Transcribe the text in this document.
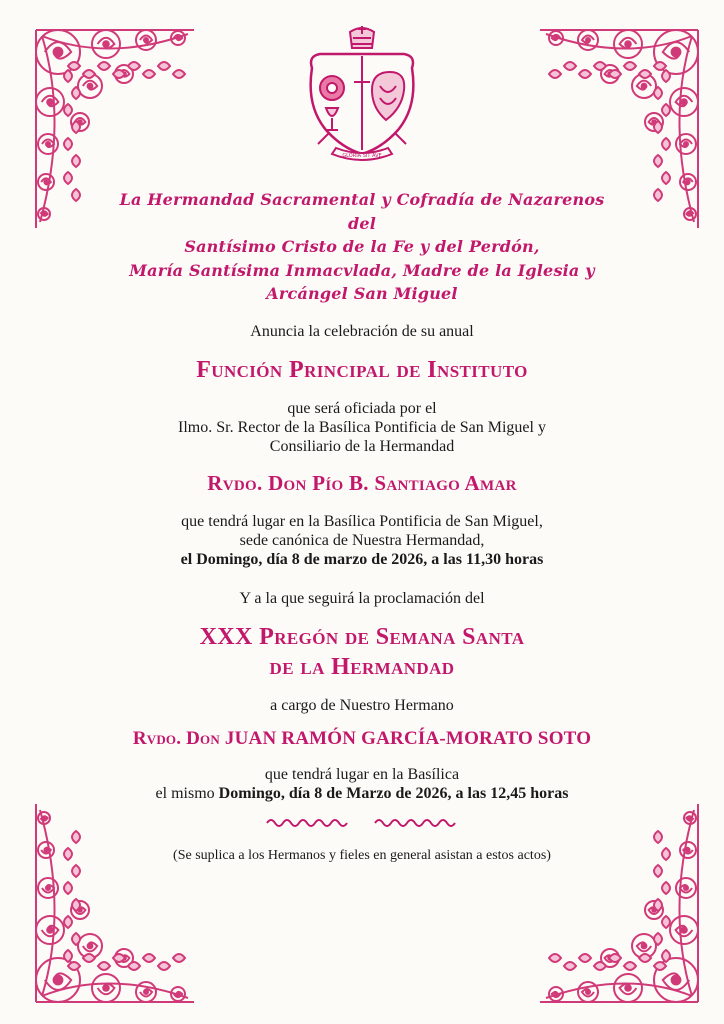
GLORIA SIT AVE
La Hermandad Sacramental y Cofradía de Nazarenos
del
Santísimo Cristo de la Fe y del Perdón,
María Santísima Inmacvlada, Madre de la Iglesia y
Arcángel San Miguel
Anuncia la celebración de su anual
Función Principal de Instituto
que será oficiada por el
Ilmo. Sr. Rector de la Basílica Pontificia de San Miguel y
Consiliario de la Hermandad
Rvdo. Don Pío B. Santiago Amar
que tendrá lugar en la Basílica Pontificia de San Miguel,
sede canónica de Nuestra Hermandad,
el Domingo, día 8 de marzo de 2026, a las 11,30 horas
Y a la que seguirá la proclamación del
XXX Pregón de Semana Santa
de la Hermandad
a cargo de Nuestro Hermano
Rvdo. Don JUAN RAMÓN GARCÍA-MORATO SOTO
que tendrá lugar en la Basílica
el mismo Domingo, día 8 de Marzo de 2026, a las 12,45 horas
(Se suplica a los Hermanos y fieles en general asistan a estos actos)
